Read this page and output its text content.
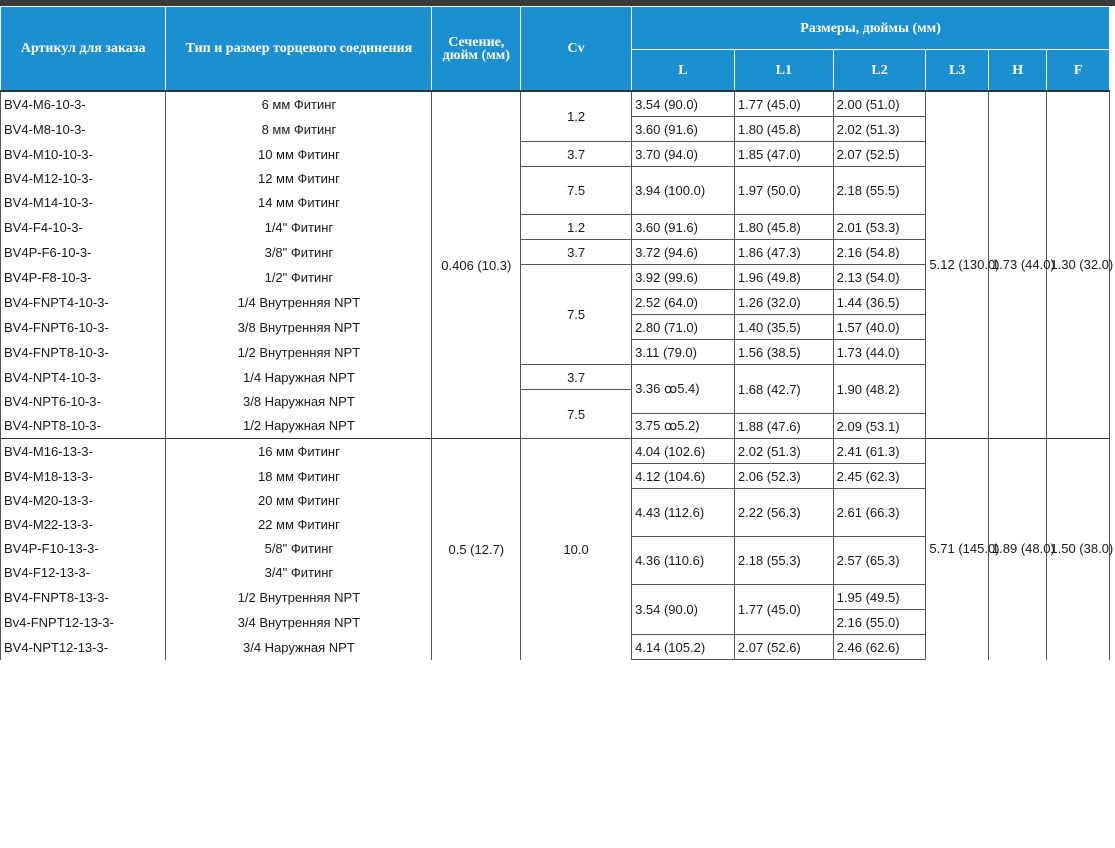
Артикул для заказа	Тип и размер торцевого соединения	Сечение, дюйм (мм)	Cv	Размеры, дюймы (мм)					
				L	L1	L2	L3	H	F
BV4-M6-10-3-	6 мм Фитинг	0.406 (10.3)	1.2	3.54 (90.0)	1.77 (45.0)	2.00 (51.0)	5.12 (130.0)	1.73 (44.0)	1.30 (32.0)
BV4-M8-10-3-	8 мм Фитинг			3.60 (91.6)	1.80 (45.8)	2.02 (51.3)			
BV4-M10-10-3-	10 мм Фитинг		3.7	3.70 (94.0)	1.85 (47.0)	2.07 (52.5)			
BV4-M12-10-3-	12 мм Фитинг		7.5	3.94 (100.0)	1.97 (50.0)	2.18 (55.5)			
BV4-M14-10-3-	14 мм Фитинг								
BV4-F4-10-3-	1/4" Фитинг		1.2	3.60 (91.6)	1.80 (45.8)	2.01 (53.3)			
BV4P-F6-10-3-	3/8" Фитинг		3.7	3.72 (94.6)	1.86 (47.3)	2.16 (54.8)			
BV4P-F8-10-3-	1/2" Фитинг		7.5	3.92 (99.6)	1.96 (49.8)	2.13 (54.0)			
BV4-FNPT4-10-3-	1/4 Внутренняя NPT			2.52 (64.0)	1.26 (32.0)	1.44 (36.5)			
BV4-FNPT6-10-3-	3/8 Внутренняя NPT			2.80 (71.0)	1.40 (35.5)	1.57 (40.0)			
BV4-FNPT8-10-3-	1/2 Внутренняя NPT			3.11 (79.0)	1.56 (38.5)	1.73 (44.0)			
BV4-NPT4-10-3-	1/4 Наружная NPT		3.7	3.36 ꝏ5.4)	1.68 (42.7)	1.90 (48.2)			
BV4-NPT6-10-3-	3/8 Наружная NPT		7.5						
BV4-NPT8-10-3-	1/2 Наружная NPT			3.75 ꝏ5.2)	1.88 (47.6)	2.09 (53.1)			
BV4-M16-13-3-	16 мм Фитинг	0.5 (12.7)	10.0	4.04 (102.6)	2.02 (51.3)	2.41 (61.3)	5.71 (145.0)	1.89 (48.0)	1.50 (38.0)
BV4-M18-13-3-	18 мм Фитинг			4.12 (104.6)	2.06 (52.3)	2.45 (62.3)			
BV4-M20-13-3-	20 мм Фитинг			4.43 (112.6)	2.22 (56.3)	2.61 (66.3)			
BV4-M22-13-3-	22 мм Фитинг								
BV4P-F10-13-3-	5/8" Фитинг			4.36 (110.6)	2.18 (55.3)	2.57 (65.3)			
BV4-F12-13-3-	3/4" Фитинг								
BV4-FNPT8-13-3-	1/2 Внутренняя NPT			3.54 (90.0)	1.77 (45.0)	1.95 (49.5)			
Bv4-FNPT12-13-3-	3/4 Внутренняя NPT					2.16 (55.0)			
BV4-NPT12-13-3-	3/4 Наружная NPT			4.14 (105.2)	2.07 (52.6)	2.46 (62.6)			
